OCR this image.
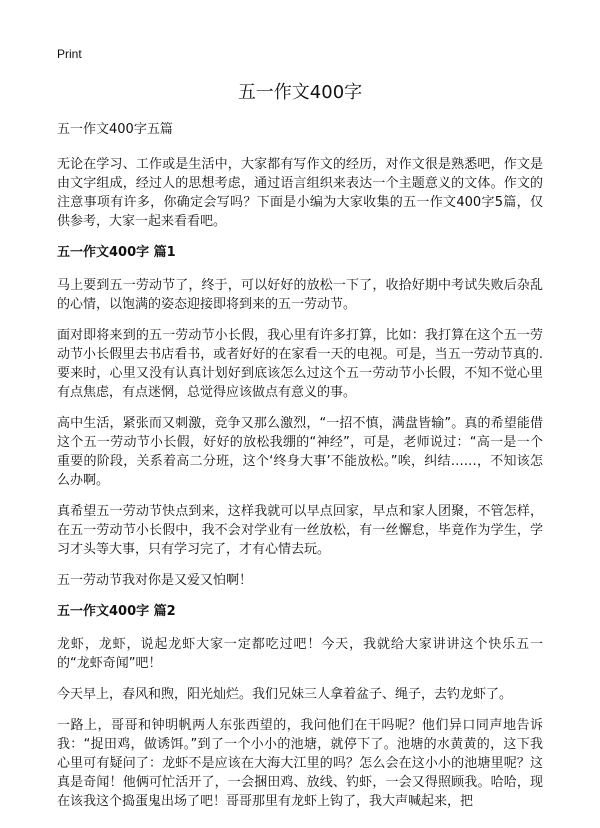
Print
五一作文400字
五一作文400字五篇

无论在学习、工作或是生活中，大家都有写作文的经历，对作文很是熟悉吧，作文是由文字组成，经过人的思想考虑，通过语言组织来表达一个主题意义的文体。作文的注意事项有许多，你确定会写吗？下面是小编为大家收集的五一作文400字5篇，仅供参考，大家一起来看看吧。

五一作文400字 篇1

马上要到五一劳动节了，终于，可以好好的放松一下了，收拾好期中考试失败后杂乱的心情，以饱满的姿态迎接即将到来的五一劳动节。

面对即将来到的五一劳动节小长假，我心里有许多打算，比如：我打算在这个五一劳动节小长假里去书店看书，或者好好的在家看一天的电视。可是，当五一劳动节真的.要来时，心里又没有认真计划好到底该怎么过这个五一劳动节小长假，不知不觉心里有点焦虑，有点迷惘，总觉得应该做点有意义的事。

高中生活，紧张而又刺激，竞争又那么激烈，“一招不慎，满盘皆输”。真的希望能借这个五一劳动节小长假，好好的放松我绷的“神经”，可是，老师说过：“高一是一个重要的阶段，关系着高二分班，这个‘终身大事’不能放松。”唉，纠结……，不知该怎么办啊。

真希望五一劳动节快点到来，这样我就可以早点回家，早点和家人团聚，不管怎样，在五一劳动节小长假中，我不会对学业有一丝放松，有一丝懈怠，毕竟作为学生，学习才头等大事，只有学习完了，才有心情去玩。

五一劳动节我对你是又爱又怕啊！

五一作文400字 篇2

龙虾，龙虾，说起龙虾大家一定都吃过吧！今天，我就给大家讲讲这个快乐五一的“龙虾奇闻”吧！

今天早上，春风和煦，阳光灿烂。我们兄妹三人拿着盆子、绳子，去钓龙虾了。

一路上，哥哥和钟明帆两人东张西望的，我问他们在干吗呢？他们异口同声地告诉我：“捉田鸡，做诱饵。”到了一个小小的池塘，就停下了。池塘的水黄黄的，这下我心里可有疑问了：龙虾不是应该在大海大江里的吗？怎么会在这小小的池塘里呢？这真是奇闻！他俩可忙活开了，一会捆田鸡、放线、钓虾，一会又得照顾我。哈哈，现在该我这个捣蛋鬼出场了吧！哥哥那里有龙虾上钩了，我大声喊起来，把
